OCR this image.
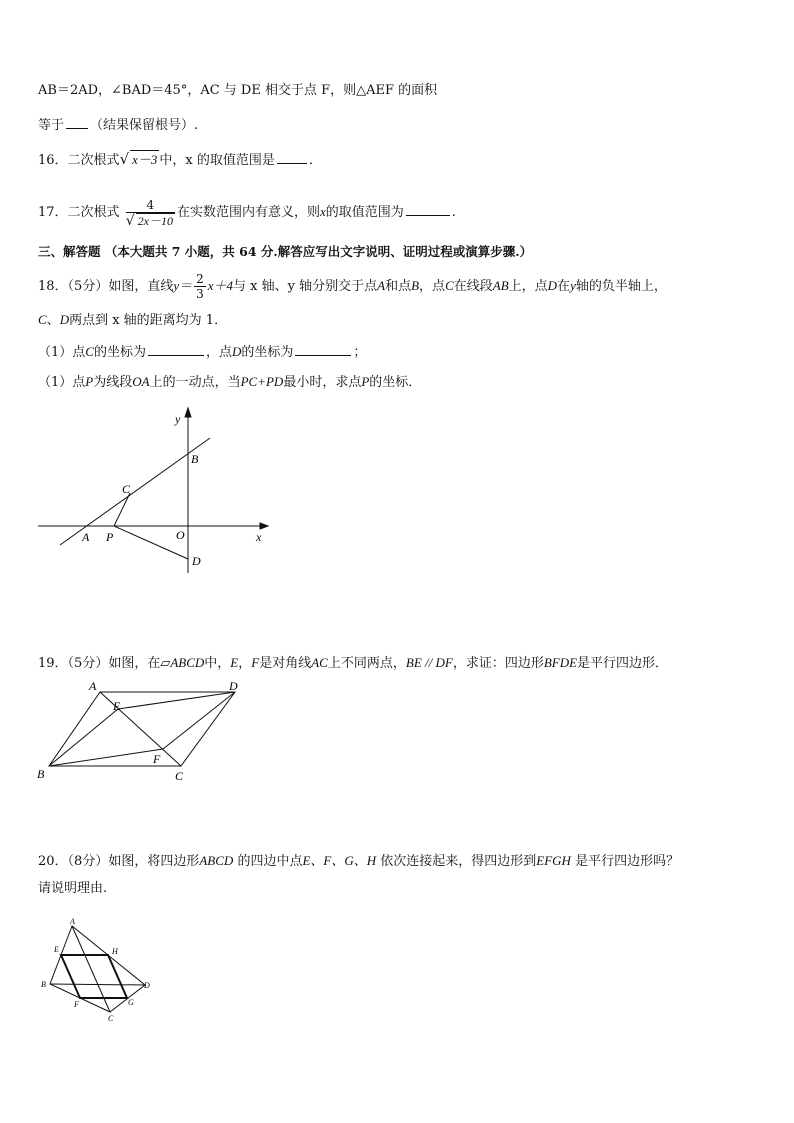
AB＝2AD，∠BAD＝45°，AC 与 DE 相交于点 F，则△AEF 的面积
等于 （结果保留根号）.
16．二次根式√ x－3 中，x 的取值范围是	．
17．二次根式 $\frac{4}{√ 2x-10}$ 在实数范围内有意义，则x的取值范围为	.
三、解答题 （本大题共 7 小题，共 64 分.解答应写出文字说明、证明过程或演算步骤.）
18．（5分）如图，直线$y= \frac{2}{3} x+4$与 x 轴、y 轴分别交于点A和点B，点C在线段AB上，点D在y轴的负半轴上，
C、D两点到 x 轴的距离均为 1．
（1）点C的坐标为	，点D的坐标为	；
（1）点P为线段OA上的一动点，当PC+PD最小时，求点P的坐标．
y
x
B
C
A P	O
D
19．（5分）如图，在▱ABCD中，E，F是对角线AC上不同两点，BE // DF，求证：四边形BFDE是平行四边形．
A	D
E
F
B	C
20．（8分）如图，将四边形ABCD 的四边中点E、F、G、H 依次连接起来，得四边形到EFGH 是平行四边形吗？
请说明理由.
A
E	H
B	D
F	G
C
